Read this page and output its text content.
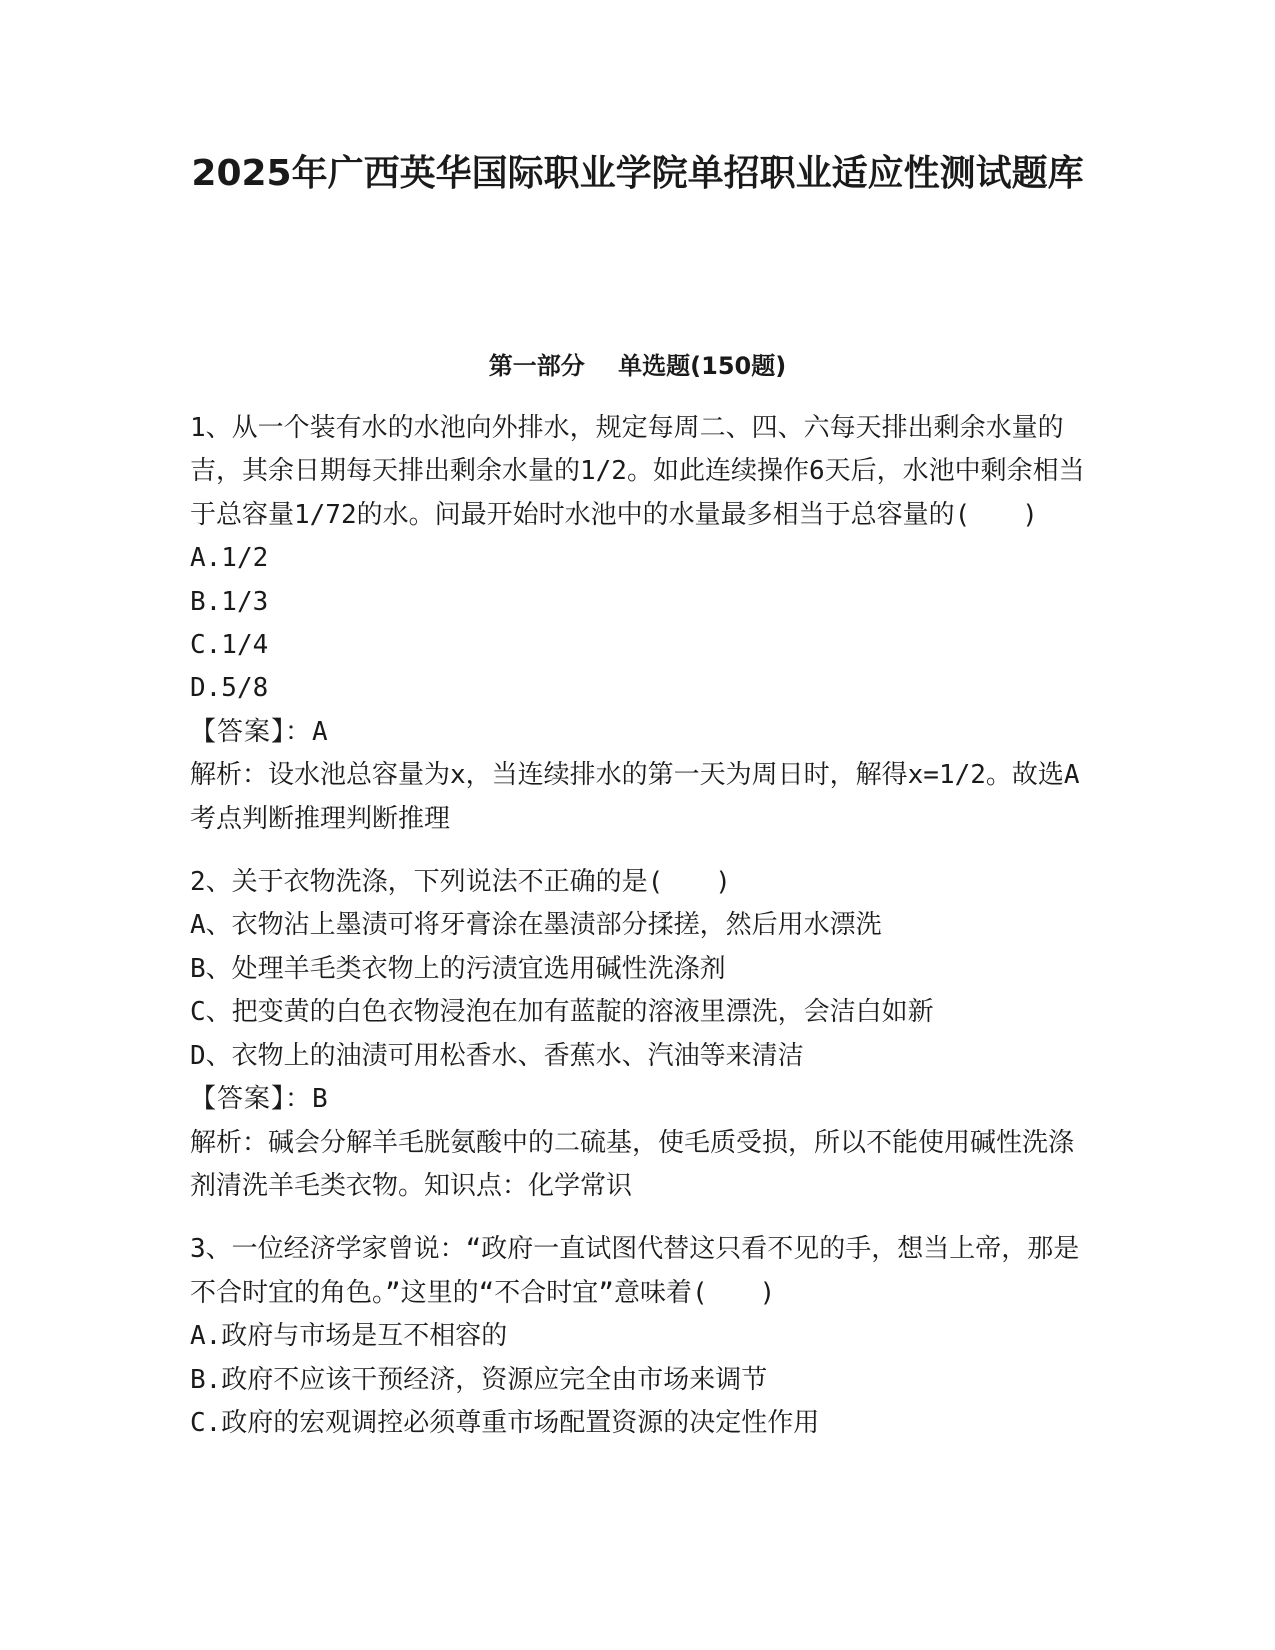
2025年广西英华国际职业学院单招职业适应性测试题库
第一部分    单选题(150题)
1、从一个装有水的水池向外排水，规定每周二、四、六每天排出剩余水量的吉，其余日期每天排出剩余水量的1/2。如此连续操作6天后，水池中剩余相当于总容量1/72的水。问最开始时水池中的水量最多相当于总容量的(　　)
A.1/2
B.1/3
C.1/4
D.5/8
【答案】：A
解析：设水池总容量为x，当连续排水的第一天为周日时，解得x=1/2。故选A考点判断推理判断推理
2、关于衣物洗涤，下列说法不正确的是(　　)
A、衣物沾上墨渍可将牙膏涂在墨渍部分揉搓，然后用水漂洗
B、处理羊毛类衣物上的污渍宜选用碱性洗涤剂
C、把变黄的白色衣物浸泡在加有蓝靛的溶液里漂洗，会洁白如新
D、衣物上的油渍可用松香水、香蕉水、汽油等来清洁
【答案】：B
解析：碱会分解羊毛胱氨酸中的二硫基，使毛质受损，所以不能使用碱性洗涤剂清洗羊毛类衣物。知识点：化学常识
3、一位经济学家曾说：“政府一直试图代替这只看不见的手，想当上帝，那是不合时宜的角色。”这里的“不合时宜”意味着(　　)
A.政府与市场是互不相容的
B.政府不应该干预经济，资源应完全由市场来调节
C.政府的宏观调控必须尊重市场配置资源的决定性作用
